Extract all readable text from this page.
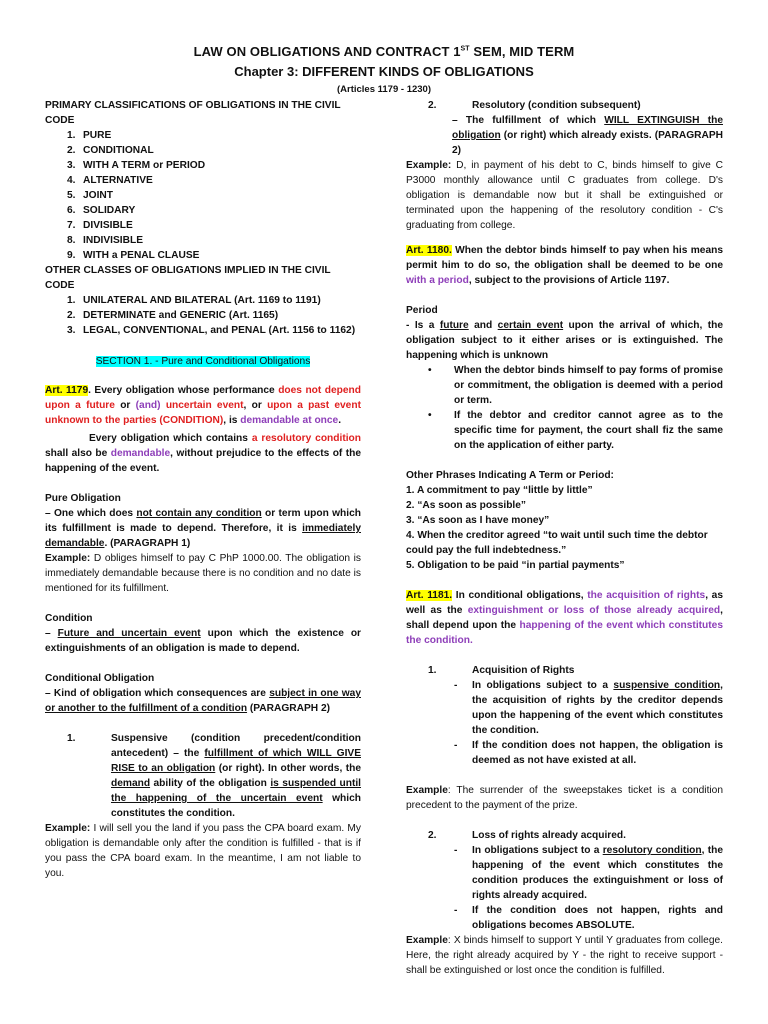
LAW ON OBLIGATIONS AND CONTRACT 1ST SEM, MID TERM
Chapter 3: DIFFERENT KINDS OF OBLIGATIONS
(Articles 1179 - 1230)
PRIMARY CLASSIFICATIONS OF OBLIGATIONS IN THE CIVIL CODE
1. PURE
2. CONDITIONAL
3. WITH A TERM or PERIOD
4. ALTERNATIVE
5. JOINT
6. SOLIDARY
7. DIVISIBLE
8. INDIVISIBLE
9. WITH a PENAL CLAUSE
OTHER CLASSES OF OBLIGATIONS IMPLIED IN THE CIVIL CODE
1. UNILATERAL AND BILATERAL (Art. 1169 to 1191)
2. DETERMINATE and GENERIC (Art. 1165)
3. LEGAL, CONVENTIONAL, and PENAL (Art. 1156 to 1162)
SECTION 1. - Pure and Conditional Obligations
Art. 1179. Every obligation whose performance does not depend upon a future or (and) uncertain event, or upon a past event unknown to the parties (CONDITION), is demandable at once.
Every obligation which contains a resolutory condition shall also be demandable, without prejudice to the effects of the happening of the event.
Pure Obligation
– One which does not contain any condition or term upon which its fulfillment is made to depend. Therefore, it is immediately demandable. (PARAGRAPH 1)
Example: D obliges himself to pay C PhP 1000.00. The obligation is immediately demandable because there is no condition and no date is mentioned for its fulfillment.
Condition
– Future and uncertain event upon which the existence or extinguishments of an obligation is made to depend.
Conditional Obligation
– Kind of obligation which consequences are subject in one way or another to the fulfillment of a condition (PARAGRAPH 2)
1.	Suspensive (condition precedent/condition antecedent) – the fulfillment of which WILL GIVE RISE to an obligation (or right). In other words, the demand ability of the obligation is suspended until the happening of the uncertain event which constitutes the condition.
Example: I will sell you the land if you pass the CPA board exam. My obligation is demandable only after the condition is fulfilled - that is if you pass the CPA board exam. In the meantime, I am not liable to you.
2.	Resolutory (condition subsequent)
– The fulfillment of which WILL EXTINGUISH the obligation (or right) which already exists. (PARAGRAPH 2)
Example: D, in payment of his debt to C, binds himself to give C P3000 monthly allowance until C graduates from college. D's obligation is demandable now but it shall be extinguished or terminated upon the happening of the resolutory condition - C's graduating from college.
Art. 1180. When the debtor binds himself to pay when his means permit him to do so, the obligation shall be deemed to be one with a period, subject to the provisions of Article 1197.
Period
- Is a future and certain event upon the arrival of which, the obligation subject to it either arises or is extinguished. The happening which is unknown
• When the debtor binds himself to pay forms of promise or commitment, the obligation is deemed with a period or term.
• If the debtor and creditor cannot agree as to the specific time for payment, the court shall fiz the same on the application of either party.
Other Phrases Indicating A Term or Period:
1. A commitment to pay “little by little”
2. “As soon as possible”
3. “As soon as I have money”
4. When the creditor agreed “to wait until such time the debtor could pay the full indebtedness.”
5. Obligation to be paid “in partial payments”
Art. 1181. In conditional obligations, the acquisition of rights, as well as the extinguishment or loss of those already acquired, shall depend upon the happening of the event which constitutes the condition.
1.	Acquisition of Rights
- In obligations subject to a suspensive condition, the acquisition of rights by the creditor depends upon the happening of the event which constitutes the condition.
- If the condition does not happen, the obligation is deemed as not have existed at all.
Example: The surrender of the sweepstakes ticket is a condition precedent to the payment of the prize.
2.	Loss of rights already acquired.
- In obligations subject to a resolutory condition, the happening of the event which constitutes the condition produces the extinguishment or loss of rights already acquired.
- If the condition does not happen, rights and obligations becomes ABSOLUTE.
Example: X binds himself to support Y until Y graduates from college. Here, the right already acquired by Y - the right to receive support - shall be extinguished or lost once the condition is fulfilled.
